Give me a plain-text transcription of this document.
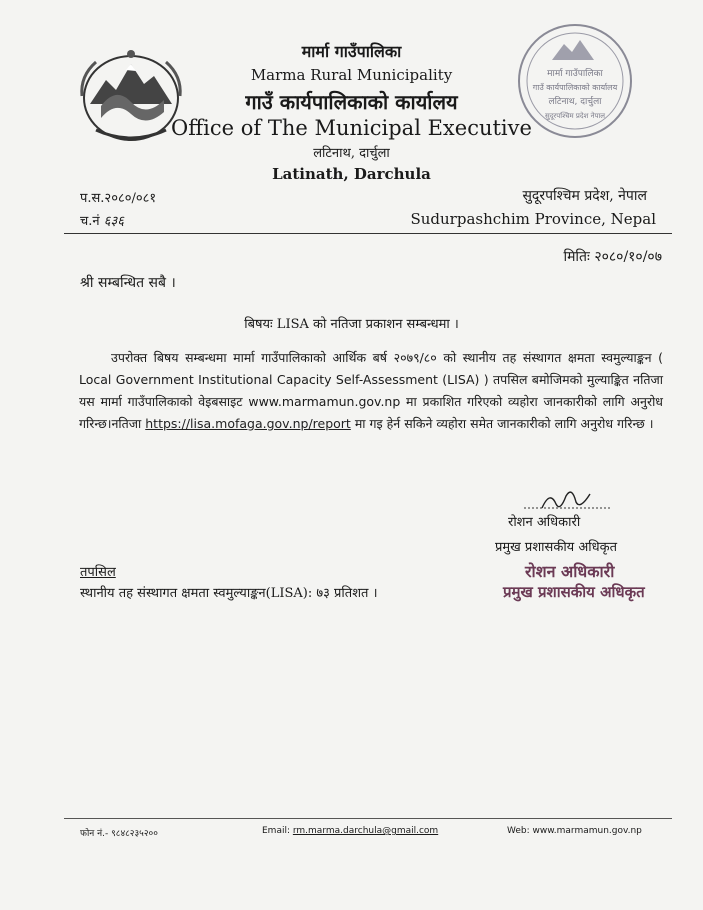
मार्मा गाउँपालिका
गाउँ कार्यपालिकाको कार्यालय
लटिनाथ, दार्चुला
सुदूरपश्चिम प्रदेश नेपाल
मार्मा गाउँपालिका
Marma Rural Municipality
गाउँ कार्यपालिकाको कार्यालय
Office of The Municipal Executive
लटिनाथ, दार्चुला
Latinath, Darchula
प.स.२०८०/०८१
च.नं ६३६
सुदूरपश्चिम प्रदेश, नेपाल
Sudurpashchim Province, Nepal
मितिः २०८०/१०/०७
श्री सम्बन्धित सबै ।
बिषयः LISA को नतिजा प्रकाशन सम्बन्धमा ।
उपरोक्त बिषय सम्बन्धमा मार्मा गाउँपालिकाको आर्थिक बर्ष २०७९/८० को स्थानीय तह संस्थागत क्षमता स्वमुल्याङ्कन ( Local Government Institutional Capacity Self-Assessment (LISA) ) तपसिल बमोजिमको मुल्याङ्कित नतिजा यस मार्मा गाउँपालिकाको वेइबसाइट www.marmamun.gov.np मा प्रकाशित गरिएको व्यहोरा जानकारीको लागि अनुरोध गरिन्छ।नतिजा https://lisa.mofaga.gov.np/report मा गइ हेर्न सकिने व्यहोरा समेत जानकारीको लागि अनुरोध गरिन्छ ।
रोशन अधिकारी
प्रमुख प्रशासकीय अधिकृत
रोशन अधिकारी
प्रमुख प्रशासकीय अधिकृत
तपसिल
स्थानीय तह संस्थागत क्षमता स्वमुल्याङ्कन(LISA): ७३ प्रतिशत ।
फोन नं.- ९८४८२३५२००	Email: rm.marma.darchula@gmail.com	Web: www.marmamun.gov.np
